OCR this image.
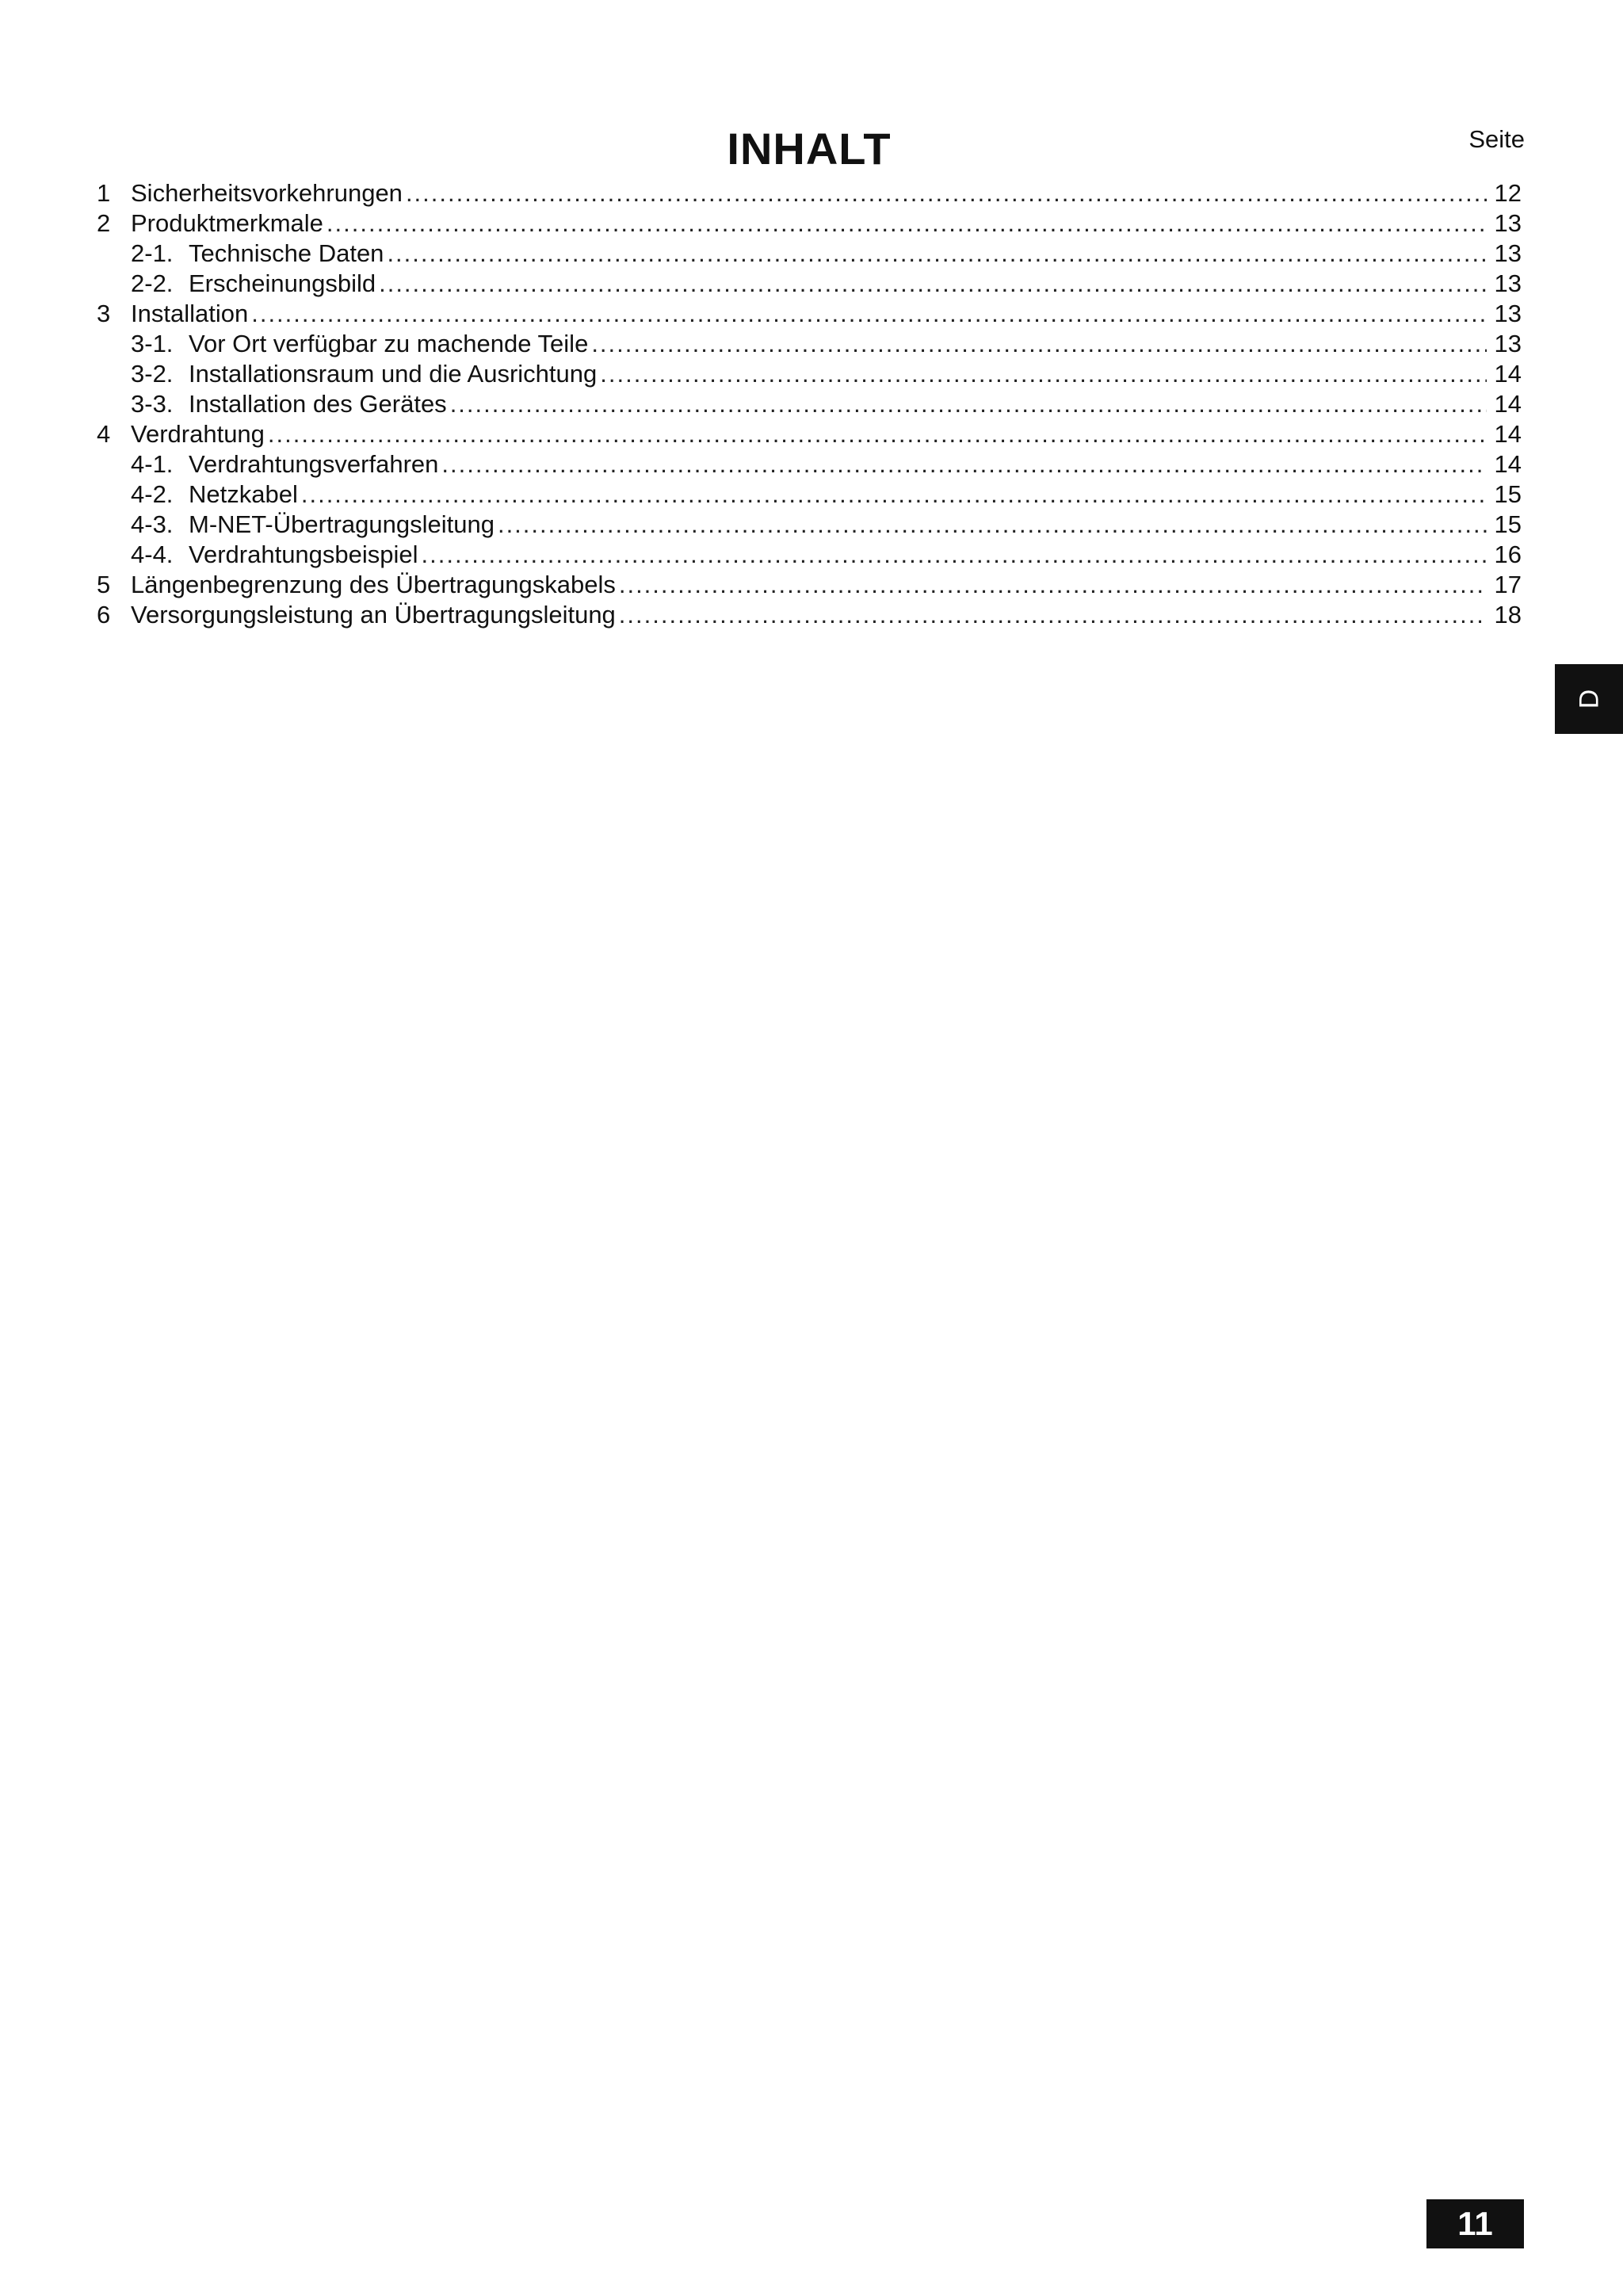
INHALT	Seite
1 Sicherheitsvorkehrungen .....	12
2 Produktmerkmale .....	13
2-1. Technische Daten .....	13
2-2. Erscheinungsbild .....	13
3 Installation .....	13
3-1. Vor Ort verfügbar zu machende Teile .....	13
3-2. Installationsraum und die Ausrichtung .....	14
3-3. Installation des Gerätes .....	14
4 Verdrahtung .....	14
4-1. Verdrahtungsverfahren .....	14
4-2. Netzkabel .....	15
4-3. M-NET-Übertragungsleitung .....	15
4-4. Verdrahtungsbeispiel .....	16
5 Längenbegrenzung des Übertragungskabels .....	17
6 Versorgungsleistung an Übertragungsleitung .....	18
D
11
